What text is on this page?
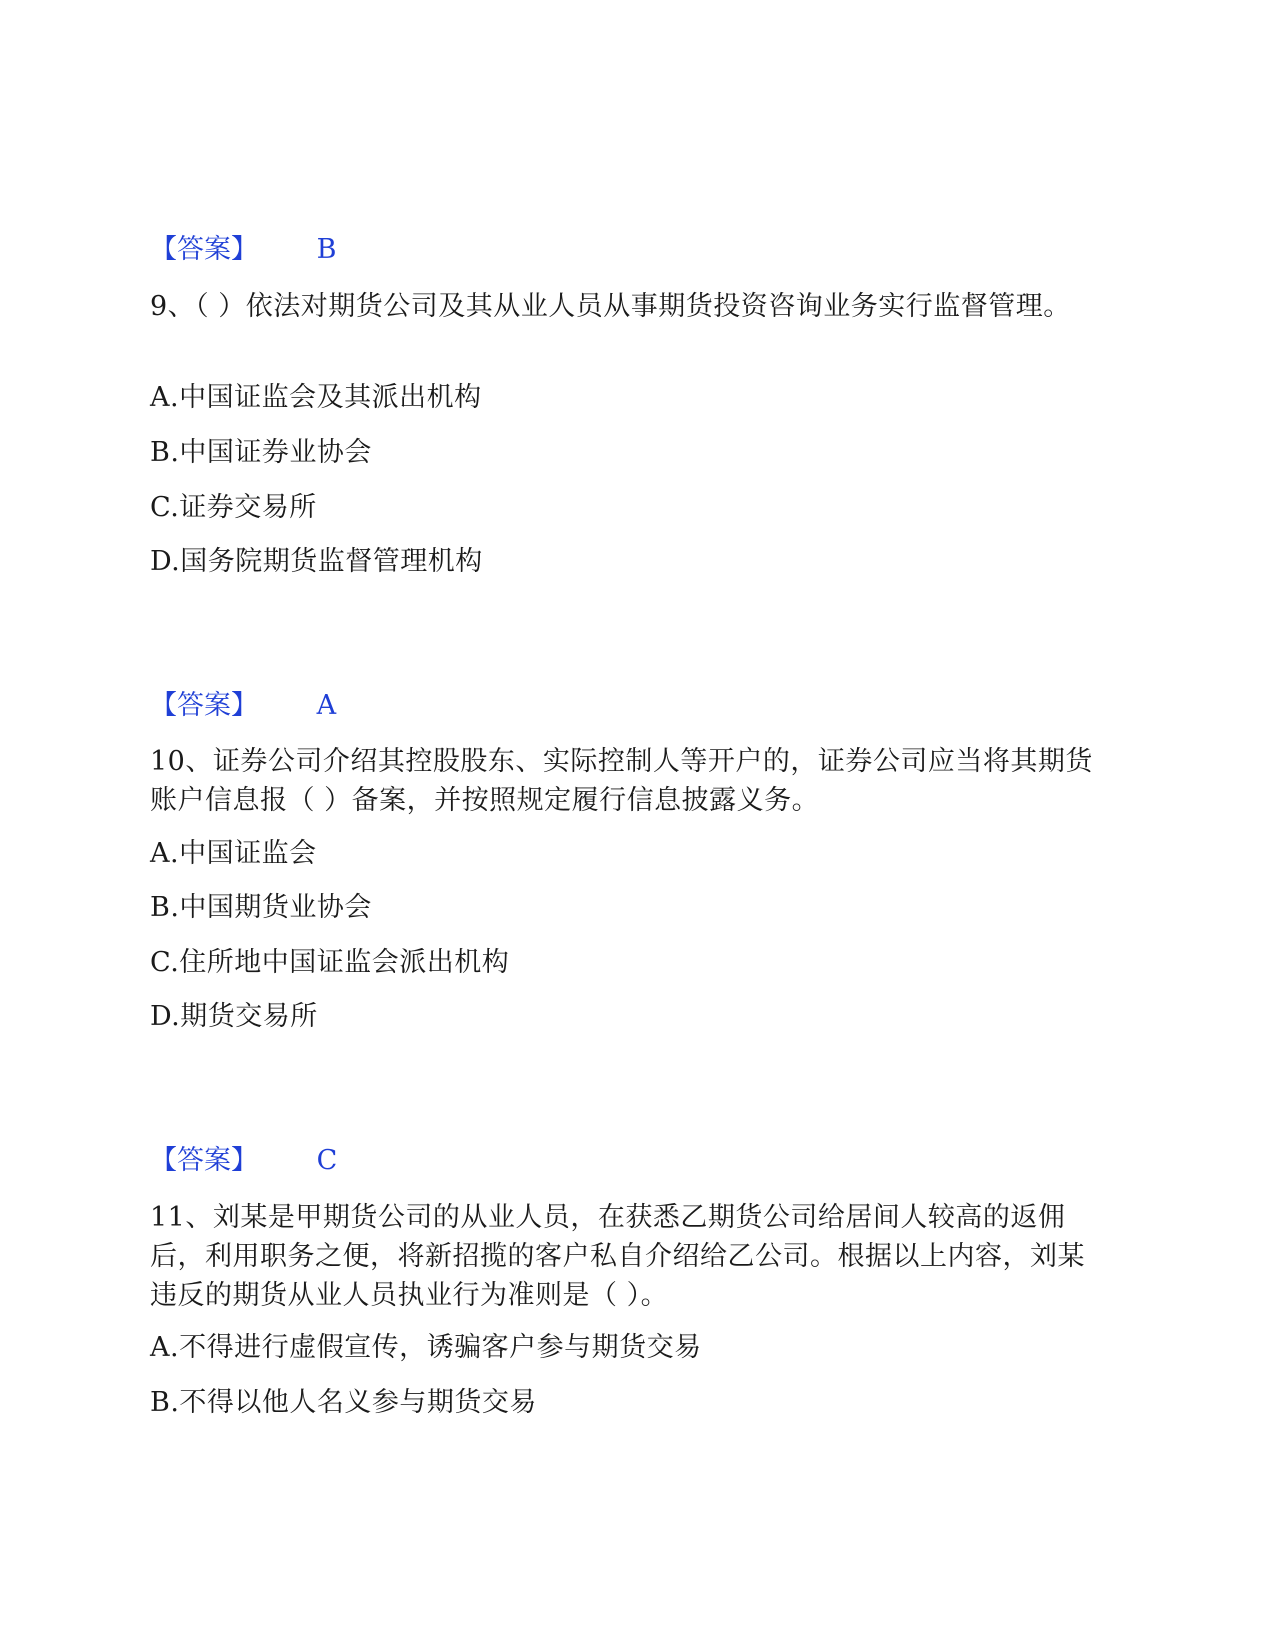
【答案】 B
9、（ ）依法对期货公司及其从业人员从事期货投资咨询业务实行监督管理。
A.中国证监会及其派出机构
B.中国证券业协会
C.证券交易所
D.国务院期货监督管理机构
【答案】 A
10、证券公司介绍其控股股东、实际控制人等开户的，证券公司应当将其期货账户信息报（ ）备案，并按照规定履行信息披露义务。
A.中国证监会
B.中国期货业协会
C.住所地中国证监会派出机构
D.期货交易所
【答案】 C
11、刘某是甲期货公司的从业人员，在获悉乙期货公司给居间人较高的返佣后，利用职务之便，将新招揽的客户私自介绍给乙公司。根据以上内容，刘某违反的期货从业人员执业行为准则是（ ）。
A.不得进行虚假宣传，诱骗客户参与期货交易
B.不得以他人名义参与期货交易
